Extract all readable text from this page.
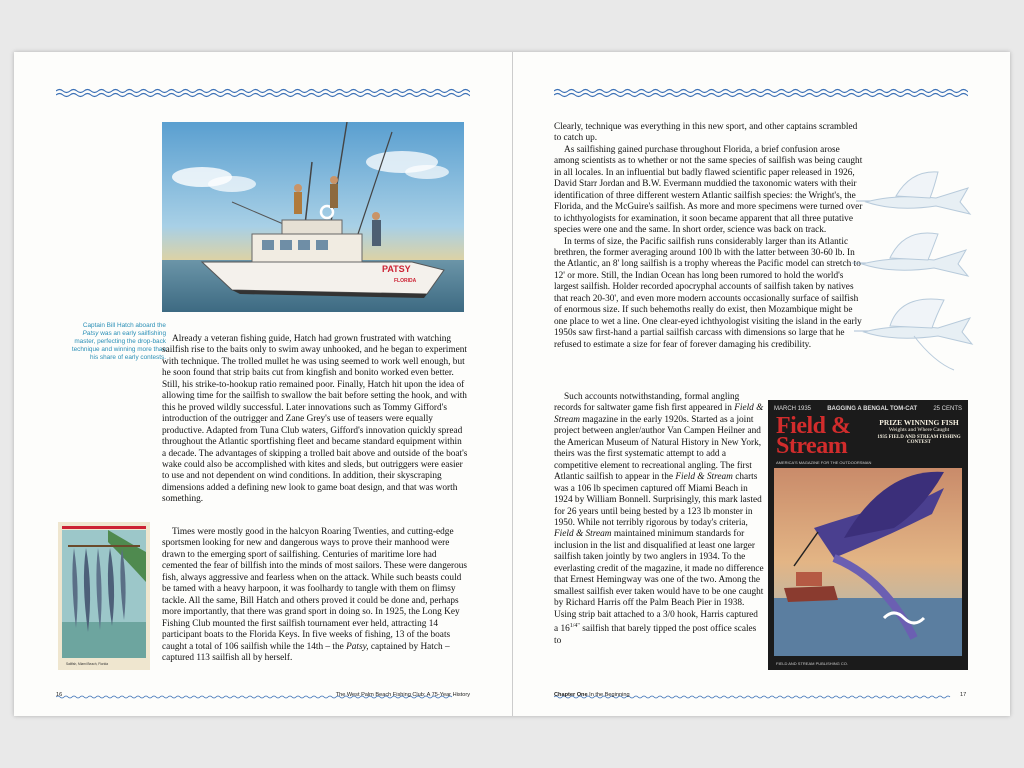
PATSY
FLORIDA
Captain Bill Hatch aboard the Patsy was an early sailfishing master, perfecting the drop-back technique and winning more than his share of early contests.
Sailfish, Miami Beach, Florida

Already a veteran fishing guide, Hatch had grown frustrated with watching sailfish rise to the baits only to swim away unhooked, and he began to experiment with technique. The trolled mullet he was using seemed to work well enough, but he soon found that strip baits cut from kingfish and bonito worked even better. Still, his strike-to-hookup ratio remained poor. Finally, Hatch hit upon the idea of allowing time for the sailfish to swallow the bait before setting the hook, and with this he proved wildly successful. Later innovations such as Tommy Gifford's introduction of the outrigger and Zane Grey's use of teasers were equally productive. Adapted from Tuna Club waters, Gifford's innovation quickly spread throughout the Atlantic sportfishing fleet and became standard equipment within a decade. The advantages of skipping a trolled bait above and outside of the boat's wake could also be accomplished with kites and sleds, but outriggers were easier to use and not dependent on wind conditions. In addition, their skyscraping dimensions added a defining new look to game boat design, and that was worth something.

Times were mostly good in the halcyon Roaring Twenties, and cutting-edge sportsmen looking for new and dangerous ways to prove their manhood were drawn to the emerging sport of sailfishing. Centuries of maritime lore had cemented the fear of billfish into the minds of most sailors. These were dangerous fish, always aggressive and fearless when on the attack. While such beasts could be tamed with a heavy harpoon, it was foolhardy to tangle with them on flimsy tackle. All the same, Bill Hatch and others proved it could be done and, perhaps more importantly, that there was grand sport in doing so. In 1925, the Long Key Fishing Club mounted the first sailfish tournament ever held, attracting 14 participant boats to the Florida Keys. In five weeks of fishing, 13 of the boats caught a total of 106 sailfish while the 14th – the Patsy, captained by Hatch – captured 113 sailfish all by herself.

16	The West Palm Beach Fishing Club: A 75-Year History

Clearly, technique was everything in this new sport, and other captains scrambled to catch up.

As sailfishing gained purchase throughout Florida, a brief confusion arose among scientists as to whether or not the same species of sailfish was being caught in all locales. In an influential but badly flawed scientific paper released in 1926, David Starr Jordan and B.W. Evermann muddied the taxonomic waters with their identification of three different western Atlantic sailfish species: the Wright's, the Florida, and the McGuire's sailfish. As more and more specimens were turned over to ichthyologists for examination, it soon became apparent that all three putative species were one and the same. In short order, science was back on track.

In terms of size, the Pacific sailfish runs considerably larger than its Atlantic brethren, the former averaging around 100 lb with the latter between 30-60 lb. In the Atlantic, an 8' long sailfish is a trophy whereas the Pacific model can stretch to 12' or more. Still, the Indian Ocean has long been rumored to hold the world's largest sailfish. Holder recorded apocryphal accounts of sailfish taken by natives that reach 20-30', and even more modern accounts occasionally surface of sailfish of enormous size. If such behemoths really do exist, then Mozambique might be one place to wet a line. One clear-eyed ichthyologist visiting the island in the early 1950s saw first-hand a partial sailfish carcass with dimensions so large that he refused to estimate a size for fear of forever damaging his credibility.

Such accounts notwithstanding, formal angling records for saltwater game fish first appeared in Field & Stream magazine in the early 1920s. Started as a joint project between angler/author Van Campen Heilner and the American Museum of Natural History in New York, theirs was the first systematic attempt to add a competitive element to recreational angling. The first Atlantic sailfish to appear in the Field & Stream charts was a 106 lb specimen captured off Miami Beach in 1924 by William Bonnell. Surprisingly, this mark lasted for 26 years until being bested by a 123 lb monster in 1950. While not terribly rigorous by today's criteria, Field & Stream maintained minimum standards for inclusion in the list and disqualified at least one larger sailfish taken jointly by two anglers in 1934. To the everlasting credit of the magazine, it made no difference that Ernest Hemingway was one of the two. Among the smallest sailfish ever taken would have to be one caught by Richard Harris off the Palm Beach Pier in 1938. Using strip bait attached to a 3/0 hook, Harris captured a $16^{1/4"}$ sailfish that barely tipped the post office scales to

MARCH 1935	BAGGING A BENGAL TOM-CAT	25 CENTS
Field &
Stream
PRIZE WINNING FISH
Weights and Where Caught
1935 FIELD AND STREAM FISHING CONTEST
AMERICA'S MAGAZINE FOR THE OUTDOORSMAN
FIELD AND STREAM PUBLISHING CO.
Chapter One In the Beginning	17
